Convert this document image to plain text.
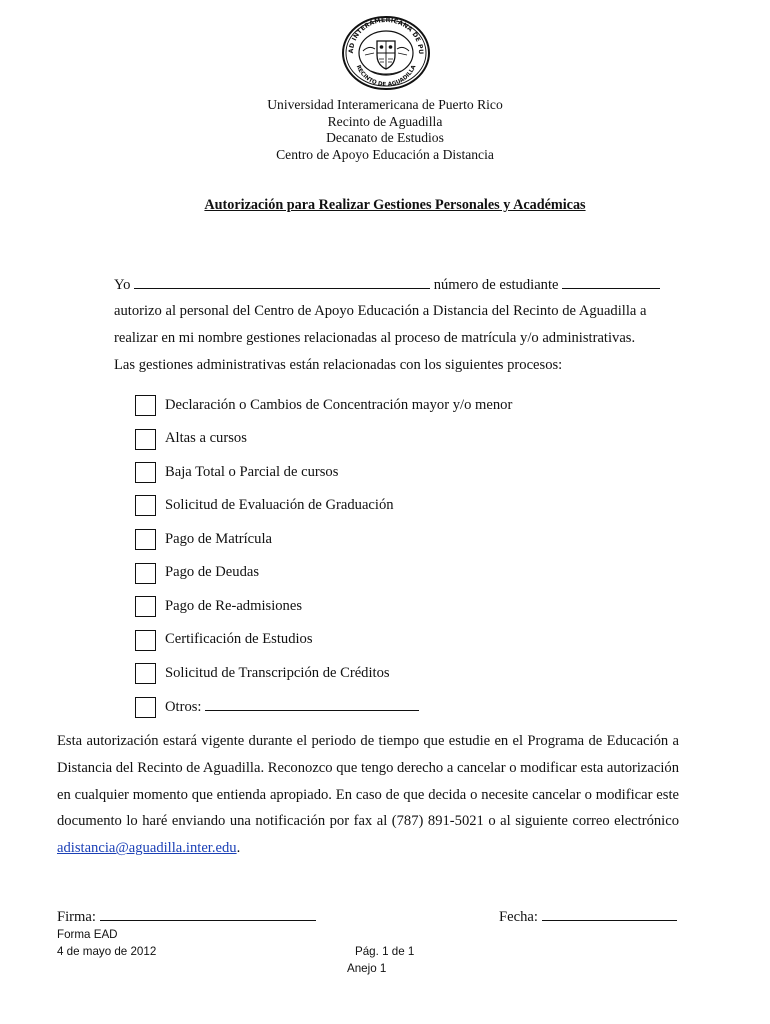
AD INTERAMERICANA DE PU
RECINTO DE AGUADILLA
Universidad Interamericana de Puerto Rico
Recinto de Aguadilla
Decanato de Estudios
Centro de Apoyo Educación a Distancia
Autorización para Realizar Gestiones Personales y Académicas
Yo	número de estudiante
autorizo al personal del Centro de Apoyo Educación a Distancia del Recinto de Aguadilla a
realizar en mi nombre gestiones relacionadas al proceso de matrícula y/o administrativas.
Las gestiones administrativas están relacionadas con los siguientes procesos:
Declaración o Cambios de Concentración mayor y/o menor
Altas a cursos
Baja Total o Parcial de cursos
Solicitud de Evaluación de Graduación
Pago de Matrícula
Pago de Deudas
Pago de Re-admisiones
Certificación de Estudios
Solicitud de Transcripción de Créditos
Otros:
Esta autorización estará vigente durante el periodo de tiempo que estudie en el Programa de Educación a Distancia del Recinto de Aguadilla. Reconozco que tengo derecho a cancelar o modificar esta autorización en cualquier momento que entienda apropiado. En caso de que decida o necesite cancelar o modificar este documento lo haré enviando una notificación por fax al (787) 891-5021 o al siguiente correo electrónico adistancia@aguadilla.inter.edu.
Firma:	Fecha:
Forma EAD
4 de mayo de 2012	Pág. 1 de 1
Anejo 1
